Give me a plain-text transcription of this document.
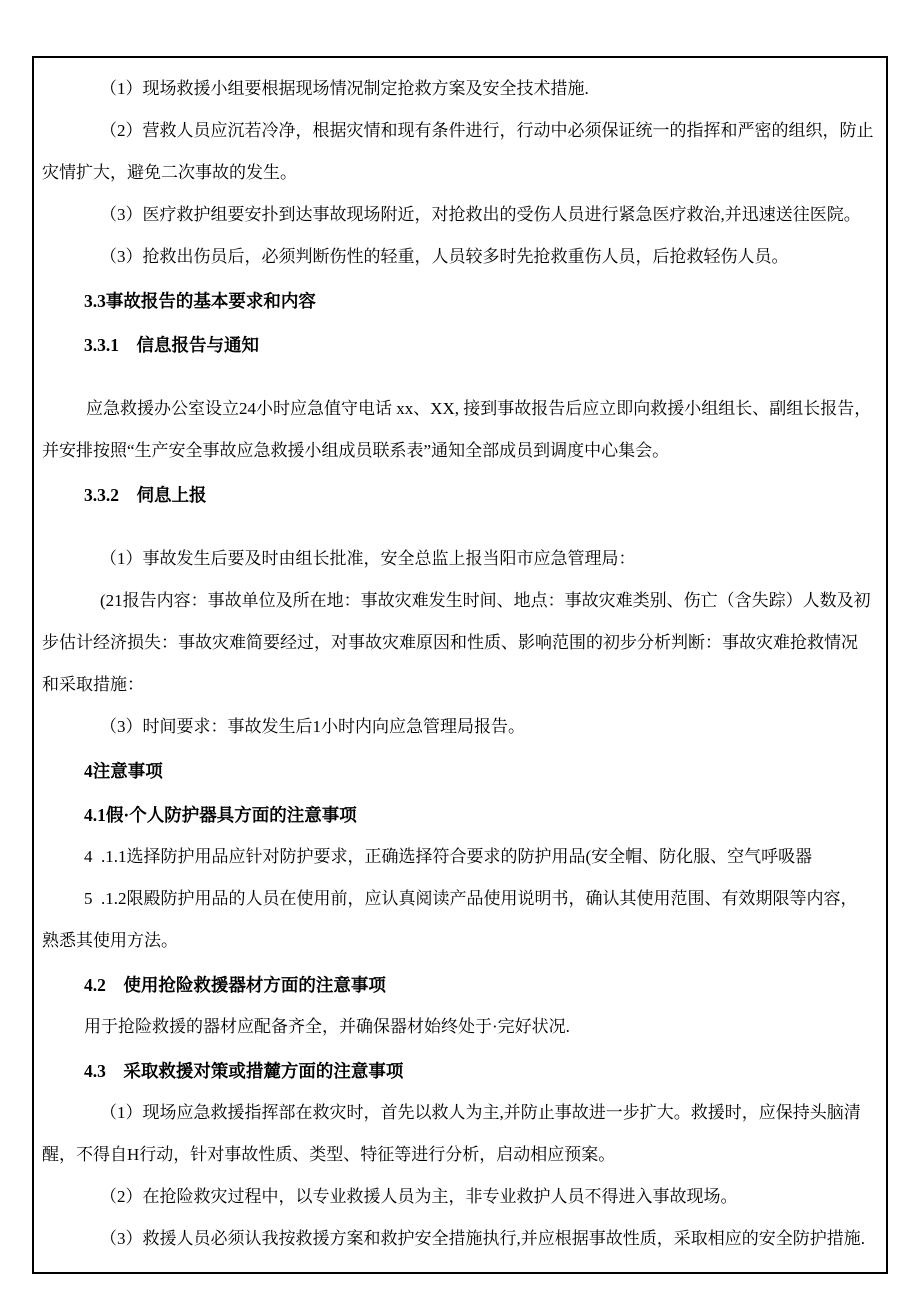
（1）现场救援小组要根据现场情况制定抢救方案及安全技术措施.

（2）营救人员应沉若冷净，根据灾情和现有条件进行，行动中必须保证统一的指挥和严密的组织，防止灾情扩大，避免二次事故的发生。

（3）医疗救护组要安扑到达事故现场附近，对抢救出的受伤人员进行紧急医疗救治,并迅速送往医院。

（3）抢救出伤员后，必须判断伤性的轻重，人员较多时先抢救重伤人员，后抢救轻伤人员。

3.3事故报告的基本要求和内容
3.3.1    信息报告与通知

应急救援办公室设立24小时应急值守电话 xx、XX, 接到事故报告后应立即向救援小组组长、副组长报告，并安排按照“生产安全事故应急救援小组成员联系表”通知全部成员到调度中心集会。

3.3.2    伺息上报

（1）事故发生后要及时由组长批准，安全总监上报当阳市应急管理局：

(21报告内容：事故单位及所在地：事故灾难发生时间、地点：事故灾难类别、伤亡（含失踪）人数及初步估计经济损失：事故灾难简要经过，对事故灾难原因和性质、影响范围的初步分析判断：事故灾难抢救情况和采取措施：

（3）时间要求：事故发生后1小时内向应急管理局报告。

4注意事项
4.1假·个人防护器具方面的注意事项

4  .1.1选择防护用品应针对防护要求，正确选择符合要求的防护用品(安全帽、防化服、空气呼吸器

5  .1.2限殿防护用品的人员在使用前，应认真阅读产品使用说明书，确认其使用范围、有效期限等内容，熟悉其使用方法。

4.2    使用抢险救援器材方面的注意事项

用于抢险救援的器材应配备齐全，并确保器材始终处于·完好状况.

4.3    采取救援对策或措麓方面的注意事项

（1）现场应急救援指挥部在救灾时，首先以救人为主,并防止事故进一步扩大。救援时，应保持头脑清醒，不得自H行动，针对事故性质、类型、特征等进行分析，启动相应预案。

（2）在抢险救灾过程中，以专业救援人员为主，非专业救护人员不得进入事故现场。

（3）救援人员必须认我按救援方案和救护安全措施执行,并应根据事故性质，采取相应的安全防护措施.
